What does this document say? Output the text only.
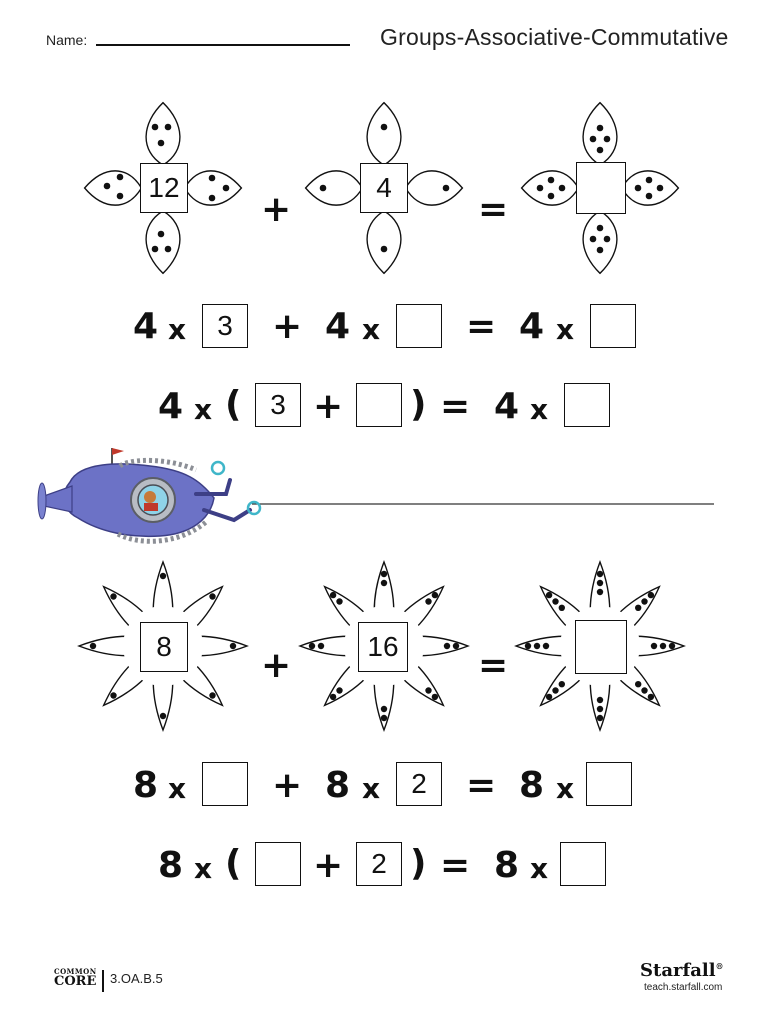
Name:	Groups-Associative-Commutative
12	4
+	=
4 x	3	+ 4 x = 4 x
4 x (	3 + ) = 4 x
8	16
+	=
8 x + 8 x	2	= 8 x
8 x ( +	2 ) = 8 x
COMMON
CORE 3.OA.B.5	Starfall®
teach.starfall.com
